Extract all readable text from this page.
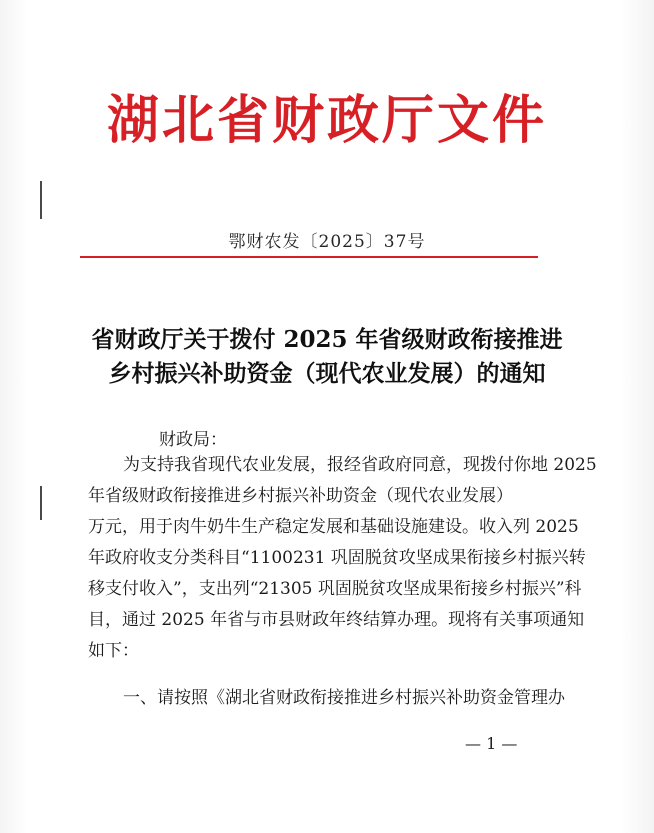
湖北省财政厅文件
鄂财农发〔2025〕37号
省财政厅关于拨付 2025 年省级财政衔接推进
乡村振兴补助资金（现代农业发展）的通知
财政局：
为支持我省现代农业发展，报经省政府同意，现拨付你地 2025
年省级财政衔接推进乡村振兴补助资金（现代农业发展）
万元，用于肉牛奶牛生产稳定发展和基础设施建设。收入列 2025
年政府收支分类科目“1100231 巩固脱贫攻坚成果衔接乡村振兴转
移支付收入”，支出列“21305 巩固脱贫攻坚成果衔接乡村振兴”科
目，通过 2025 年省与市县财政年终结算办理。现将有关事项通知
如下：
一、请按照《湖北省财政衔接推进乡村振兴补助资金管理办
— 1 —
